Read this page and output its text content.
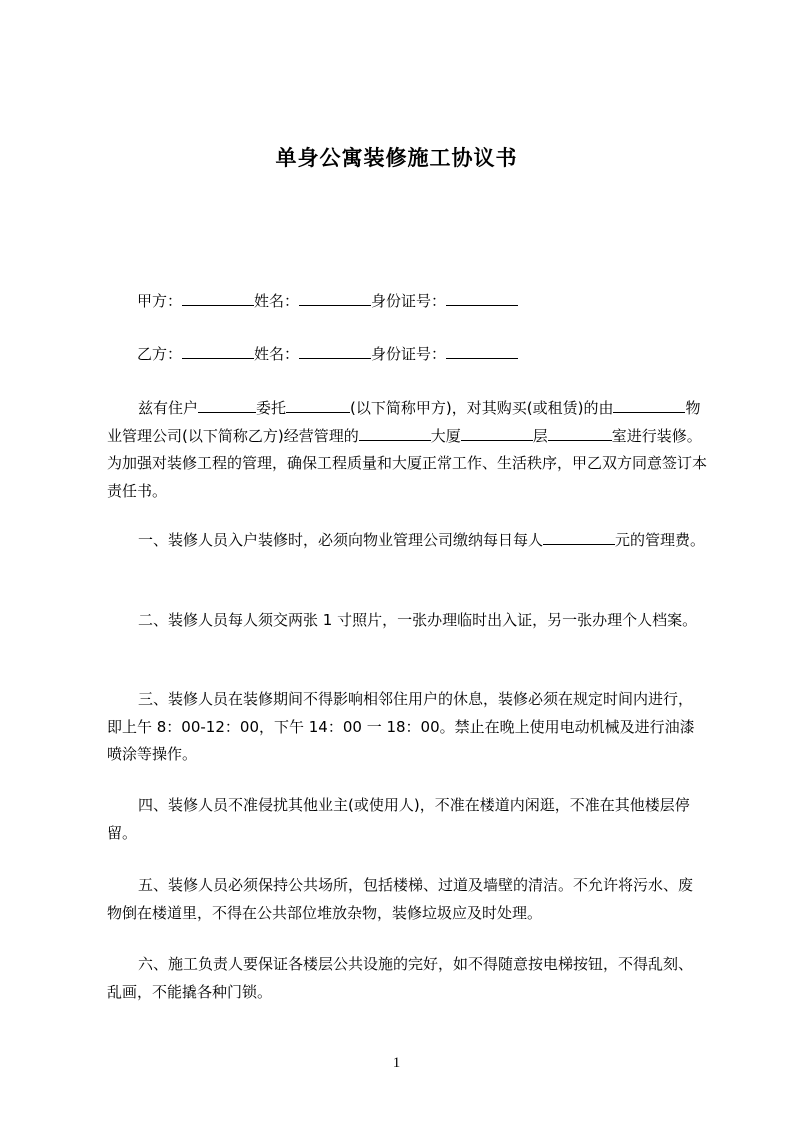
单身公寓装修施工协议书
甲方：	姓名：	身份证号：
乙方：	姓名：	身份证号：
兹有住户	委托	(以下简称甲方)，对其购买(或租赁)的由	物业管理公司(以下简称乙方)经营管理的	大厦	层	室进行装修。为加强对装修工程的管理，确保工程质量和大厦正常工作、生活秩序，甲乙双方同意签订本责任书。
一、装修人员入户装修时，必须向物业管理公司缴纳每日每人	元的管理费。
二、装修人员每人须交两张 1 寸照片，一张办理临时出入证，另一张办理个人档案。
三、装修人员在装修期间不得影响相邻住用户的休息，装修必须在规定时间内进行，即上午 8：00-12：00，下午 14：00 一 18：00。禁止在晚上使用电动机械及进行油漆喷涂等操作。
四、装修人员不准侵扰其他业主(或使用人)，不准在楼道内闲逛，不准在其他楼层停留。
五、装修人员必须保持公共场所，包括楼梯、过道及墙壁的清洁。不允许将污水、废物倒在楼道里，不得在公共部位堆放杂物，装修垃圾应及时处理。
六、施工负责人要保证各楼层公共设施的完好，如不得随意按电梯按钮，不得乱刻、乱画，不能撬各种门锁。
1
